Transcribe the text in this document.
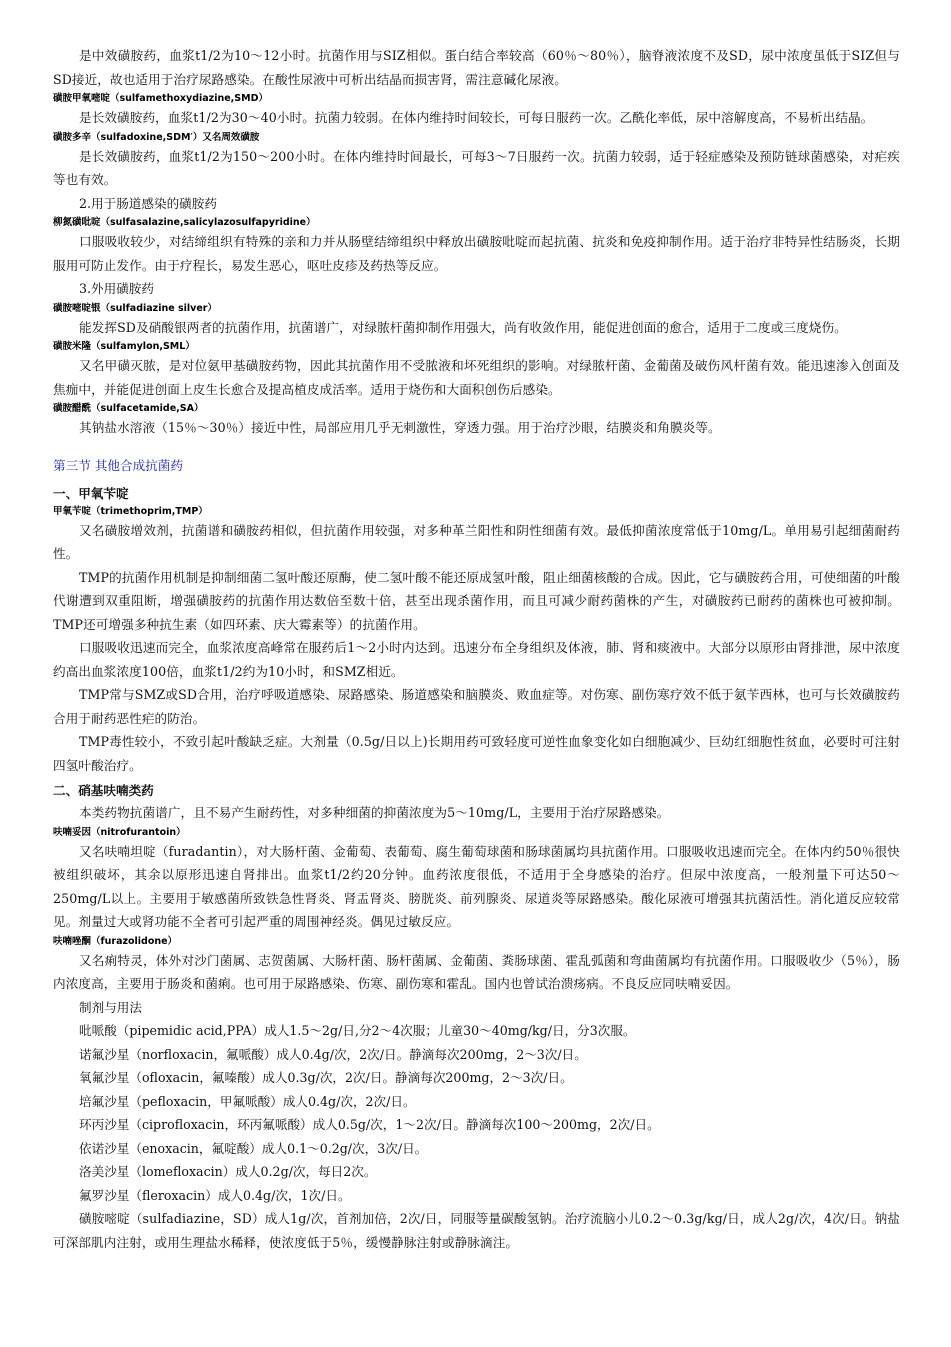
是中效磺胺药，血浆t1/2为10～12小时。抗菌作用与SIZ相似。蛋白结合率较高（60％～80％），脑脊液浓度不及SD，尿中浓度虽低于SIZ但与SD接近，故也适用于治疗尿路感染。在酸性尿液中可析出结晶而损害肾，需注意碱化尿液。

磺胺甲氧嘧啶（sulfamethoxydiazine,SMD）

是长效磺胺药，血浆t1/2为30～40小时。抗菌力较弱。在体内维持时间较长，可每日服药一次。乙酰化率低，尿中溶解度高，不易析出结晶。

磺胺多辛（sulfadoxine,SDM′）又名周效磺胺

是长效磺胺药，血浆t1/2为150～200小时。在体内维持时间最长，可每3～7日服药一次。抗菌力较弱，适于轻症感染及预防链球菌感染，对疟疾等也有效。

2.用于肠道感染的磺胺药

柳氮磺吡啶（sulfasalazine,salicylazosulfapyridine）

口服吸收较少，对结缔组织有特殊的亲和力并从肠壁结缔组织中释放出磺胺吡啶而起抗菌、抗炎和免疫抑制作用。适于治疗非特异性结肠炎，长期服用可防止发作。由于疗程长，易发生恶心，呕吐皮疹及药热等反应。

3.外用磺胺药

磺胺嘧啶银（sulfadiazine silver）

能发挥SD及硝酸银两者的抗菌作用，抗菌谱广，对绿脓杆菌抑制作用强大，尚有收敛作用，能促进创面的愈合，适用于二度或三度烧伤。

磺胺米隆（sulfamylon,SML）

又名甲磺灭脓，是对位氨甲基磺胺药物，因此其抗菌作用不受脓液和坏死组织的影响。对绿脓杆菌、金葡菌及破伤风杆菌有效。能迅速渗入创面及焦痂中，并能促进创面上皮生长愈合及提高植皮成活率。适用于烧伤和大面积创伤后感染。

磺胺醋酰（sulfacetamide,SA）

其钠盐水溶液（15％～30％）接近中性，局部应用几乎无刺激性，穿透力强。用于治疗沙眼，结膜炎和角膜炎等。

第三节 其他合成抗菌药

一、甲氧苄啶

甲氧苄啶（trimethoprim,TMP）

又名磺胺增效剂，抗菌谱和磺胺药相似，但抗菌作用较强，对多种革兰阳性和阴性细菌有效。最低抑菌浓度常低于10mg/L。单用易引起细菌耐药性。

TMP的抗菌作用机制是抑制细菌二氢叶酸还原酶，使二氢叶酸不能还原成氢叶酸，阻止细菌核酸的合成。因此，它与磺胺药合用，可使细菌的叶酸代谢遭到双重阻断，增强磺胺药的抗菌作用达数倍至数十倍，甚至出现杀菌作用，而且可减少耐药菌株的产生，对磺胺药已耐药的菌株也可被抑制。TMP还可增强多种抗生素（如四环素、庆大霉素等）的抗菌作用。

口服吸收迅速而完全，血浆浓度高峰常在服药后1～2小时内达到。迅速分布全身组织及体液，肺、肾和痰液中。大部分以原形由肾排泄，尿中浓度约高出血浆浓度100倍，血浆t1/2约为10小时，和SMZ相近。

TMP常与SMZ或SD合用，治疗呼吸道感染、尿路感染、肠道感染和脑膜炎、败血症等。对伤寒、副伤寒疗效不低于氨苄西林，也可与长效磺胺药合用于耐药恶性疟的防治。

TMP毒性较小，不致引起叶酸缺乏症。大剂量（0.5g/日以上)长期用药可致轻度可逆性血象变化如白细胞减少、巨幼红细胞性贫血，必要时可注射四氢叶酸治疗。

二、硝基呋喃类药

本类药物抗菌谱广，且不易产生耐药性，对多种细菌的抑菌浓度为5～10mg/L，主要用于治疗尿路感染。

呋喃妥因（nitrofurantoin）

又名呋喃坦啶（furadantin），对大肠杆菌、金葡萄、表葡萄、腐生葡萄球菌和肠球菌属均具抗菌作用。口服吸收迅速而完全。在体内约50％很快被组织破坏，其余以原形迅速自肾排出。血浆t1/2约20分钟。血药浓度很低，不适用于全身感染的治疗。但尿中浓度高，一般剂量下可达50～250mg/L以上。主要用于敏感菌所致铁急性肾炎、肾盂肾炎、膀胱炎、前列腺炎、尿道炎等尿路感染。酸化尿液可增强其抗菌活性。消化道反应较常见。剂量过大或肾功能不全者可引起严重的周围神经炎。偶见过敏反应。

呋喃唑酮（furazolidone）

又名痢特灵，体外对沙门菌属、志贺菌属、大肠杆菌、肠杆菌属、金葡菌、粪肠球菌、霍乱弧菌和弯曲菌属均有抗菌作用。口服吸收少（5％），肠内浓度高，主要用于肠炎和菌痢。也可用于尿路感染、伤寒、副伤寒和霍乱。国内也曾试治溃疡病。不良反应同呋喃妥因。

制剂与用法

吡哌酸（pipemidic acid,PPA）成人1.5～2g/日,分2～4次服；儿童30～40mg/kg/日，分3次服。

诺氟沙星（norfloxacin，氟哌酸）成人0.4g/次，2次/日。静滴每次200mg，2～3次/日。

氧氟沙星（ofloxacin，氟嗪酸）成人0.3g/次，2次/日。静滴每次200mg，2～3次/日。

培氟沙星（pefloxacin，甲氟哌酸）成人0.4g/次，2次/日。

环丙沙星（ciprofloxacin，环丙氟哌酸）成人0.5g/次，1～2次/日。静滴每次100～200mg，2次/日。

依诺沙星（enoxacin，氟啶酸）成人0.1～0.2g/次，3次/日。

洛美沙星（lomefloxacin）成人0.2g/次，每日2次。

氟罗沙星（fleroxacin）成人0.4g/次，1次/日。

磺胺嘧啶（sulfadiazine，SD）成人1g/次，首剂加倍，2次/日，同服等量碳酸氢钠。治疗流脑小儿0.2～0.3g/kg/日，成人2g/次，4次/日。钠盐可深部肌内注射，或用生理盐水稀释，使浓度低于5％，缓慢静脉注射或静脉滴注。
